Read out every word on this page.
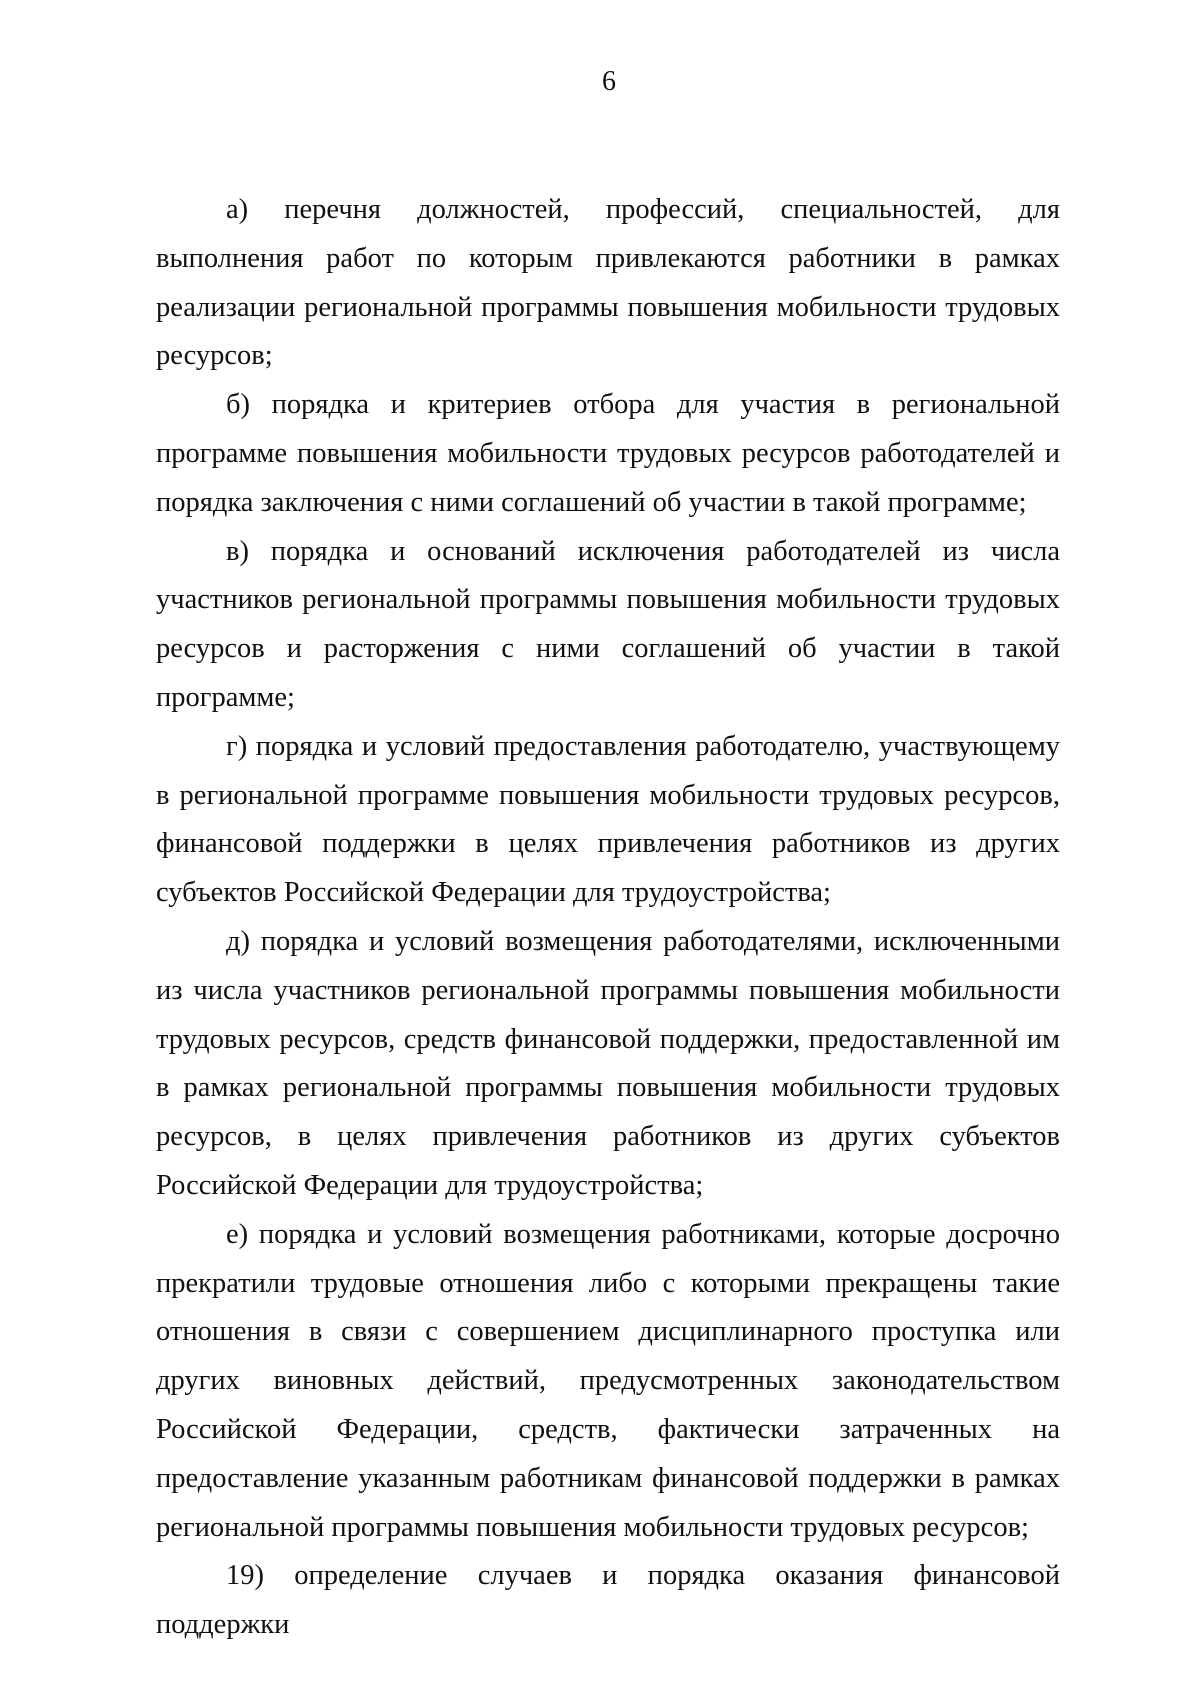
6

а) перечня должностей, профессий, специальностей, для выполнения работ по которым привлекаются работники в рамках реализации региональной программы повышения мобильности трудовых ресурсов;

б) порядка и критериев отбора для участия в региональной программе повышения мобильности трудовых ресурсов работодателей и порядка заключения с ними соглашений об участии в такой программе;

в) порядка и оснований исключения работодателей из числа участников региональной программы повышения мобильности трудовых ресурсов и расторжения с ними соглашений об участии в такой программе;

г) порядка и условий предоставления работодателю, участвующему в региональной программе повышения мобильности трудовых ресурсов, финансовой поддержки в целях привлечения работников из других субъектов Российской Федерации для трудоустройства;

д) порядка и условий возмещения работодателями, исключенными из числа участников региональной программы повышения мобильности трудовых ресурсов, средств финансовой поддержки, предоставленной им в рамках региональной программы повышения мобильности трудовых ресурсов, в целях привлечения работников из других субъектов Российской Федерации для трудоустройства;

е) порядка и условий возмещения работниками, которые досрочно прекратили трудовые отношения либо с которыми прекращены такие отношения в связи с совершением дисциплинарного проступка или других виновных действий, предусмотренных законодательством Российской Федерации, средств, фактически затраченных на предоставление указанным работникам финансовой поддержки в рамках региональной программы повышения мобильности трудовых ресурсов;

19) определение случаев и порядка оказания финансовой поддержки
